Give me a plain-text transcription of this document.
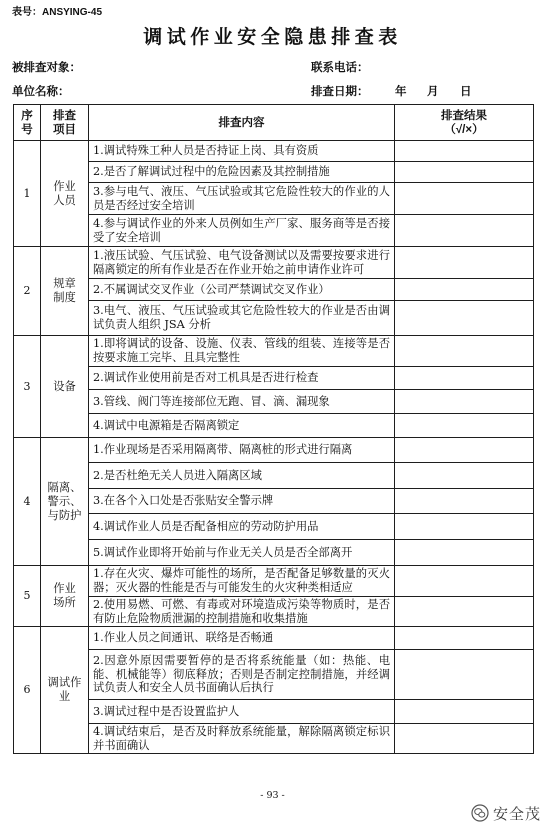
表号：ANSYING-45
调试作业安全隐患排查表
被排查对象：	联系电话：
单位名称：	排查日期： 年 月 日
序号	排查项目	排查内容	排查结果
（√/×）

1	作业人员	1.调试特殊工种人员是否持证上岗、具有资质	
		2.是否了解调试过程中的危险因素及其控制措施	
		3.参与电气、液压、气压试验或其它危险性较大的作业的人员是否经过安全培训	
		4.参与调试作业的外来人员例如生产厂家、服务商等是否接受了安全培训	
2	规章制度	1.液压试验、气压试验、电气设备测试以及需要按要求进行隔离锁定的所有作业是否在作业开始之前申请作业许可	
		2.不属调试交叉作业（公司严禁调试交叉作业）	
		3.电气、液压、气压试验或其它危险性较大的作业是否由调试负责人组织 JSA 分析	
3	设备	1.即将调试的设备、设施、仪表、管线的组装、连接等是否按要求施工完毕、且具完整性	
		2.调试作业使用前是否对工机具是否进行检查	
		3.管线、阀门等连接部位无跑、冒、滴、漏现象	
		4.调试中电源箱是否隔离锁定	
4	隔离、警示、与防护	1.作业现场是否采用隔离带、隔离桩的形式进行隔离	
		2.是否杜绝无关人员进入隔离区域	
		3.在各个入口处是否张贴安全警示牌	
		4.调试作业人员是否配备相应的劳动防护用品	
		5.调试作业即将开始前与作业无关人员是否全部离开	
5	作业场所	1.存在火灾、爆炸可能性的场所，是否配备足够数量的灭火器；灭火器的性能是否与可能发生的火灾种类相适应	
		2.使用易燃、可燃、有毒或对环境造成污染等物质时，是否有防止危险物质泄漏的控制措施和收集措施	
6	调试作业	1.作业人员之间通讯、联络是否畅通	
		2.因意外原因需要暂停的是否将系统能量（如：热能、电能、机械能等）彻底释放；否则是否制定控制措施，并经调试负责人和安全人员书面确认后执行	
		3.调试过程中是否设置监护人	
		4.调试结束后，是否及时释放系统能量，解除隔离锁定标识并书面确认	
- 93 -
安全茂
